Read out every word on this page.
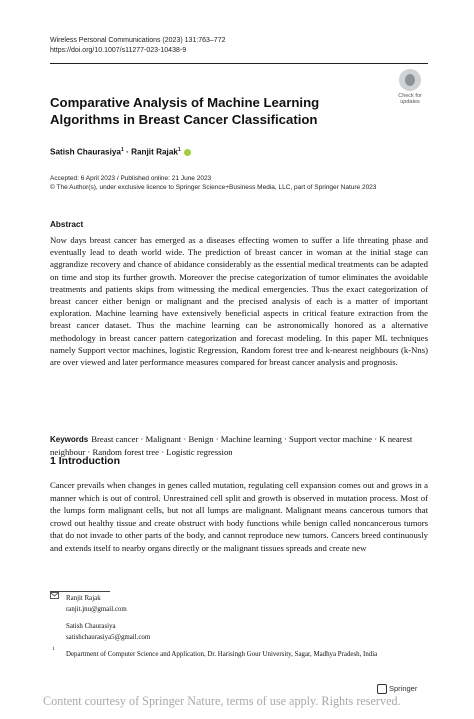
Wireless Personal Communications (2023) 131:763–772
https://doi.org/10.1007/s11277-023-10438-9
Check for
updates
Comparative Analysis of Machine Learning Algorithms in Breast Cancer Classification
Satish Chaurasiya$^1$ · Ranjit Rajak$^1$
Accepted: 6 April 2023 / Published online: 21 June 2023
© The Author(s), under exclusive licence to Springer Science+Business Media, LLC, part of Springer Nature 2023
Abstract
Now days breast cancer has emerged as a diseases effecting women to suffer a life threating phase and eventually lead to death world wide. The prediction of breast cancer in woman at the initial stage can aggrandize recovery and chance of abidance considerably as the essential medical treatments can be adapted on time and stop its further growth. Moreover the precise categorization of tumor eliminates the avoidable treatments and patients skips from witnessing the medical emergencies. Thus the exact categorization of breast cancer either benign or malignant and the precised analysis of each is a matter of important exploration. Machine learning have extensively beneficial aspects in critical feature extraction from the breast cancer dataset. Thus the machine learning can be astronomically honored as a alternative methodology in breast cancer pattern categorization and forecast modeling. In this paper ML techniques namely Support vector machines, logistic Regression, Random forest tree and k-nearest neighbours (k-Nns) are over viewed and later performance measures compared for breast cancer analysis and prognosis.
Keywords Breast cancer · Malignant · Benign · Machine learning · Support vector machine · K nearest neighbour · Random forest tree · Logistic regression
1 Introduction
Cancer prevails when changes in genes called mutation, regulating cell expansion comes out and grows in a manner which is out of control. Unrestrained cell split and growth is observed in mutation process. Most of the lumps form malignant cells, but not all lumps are malignant. Malignant means cancerous tumors that crowd out healthy tissue and create obstruct with body functions while benign called noncancerous tumors that do not invade to other parts of the body, and cannot reproduce new tumors. Cancers breed continuously and extends itself to nearby organs directly or the malignant tissues spreads and create new
Ranjit Rajak
ranjit.jnu@gmail.com
Satish Chaurasiya
satishchaurasiya5@gmail.com
1
Department of Computer Science and Application, Dr. Harisingh Gour University, Sagar, Madhya Pradesh, India
Springer
Content courtesy of Springer Nature, terms of use apply. Rights reserved.
